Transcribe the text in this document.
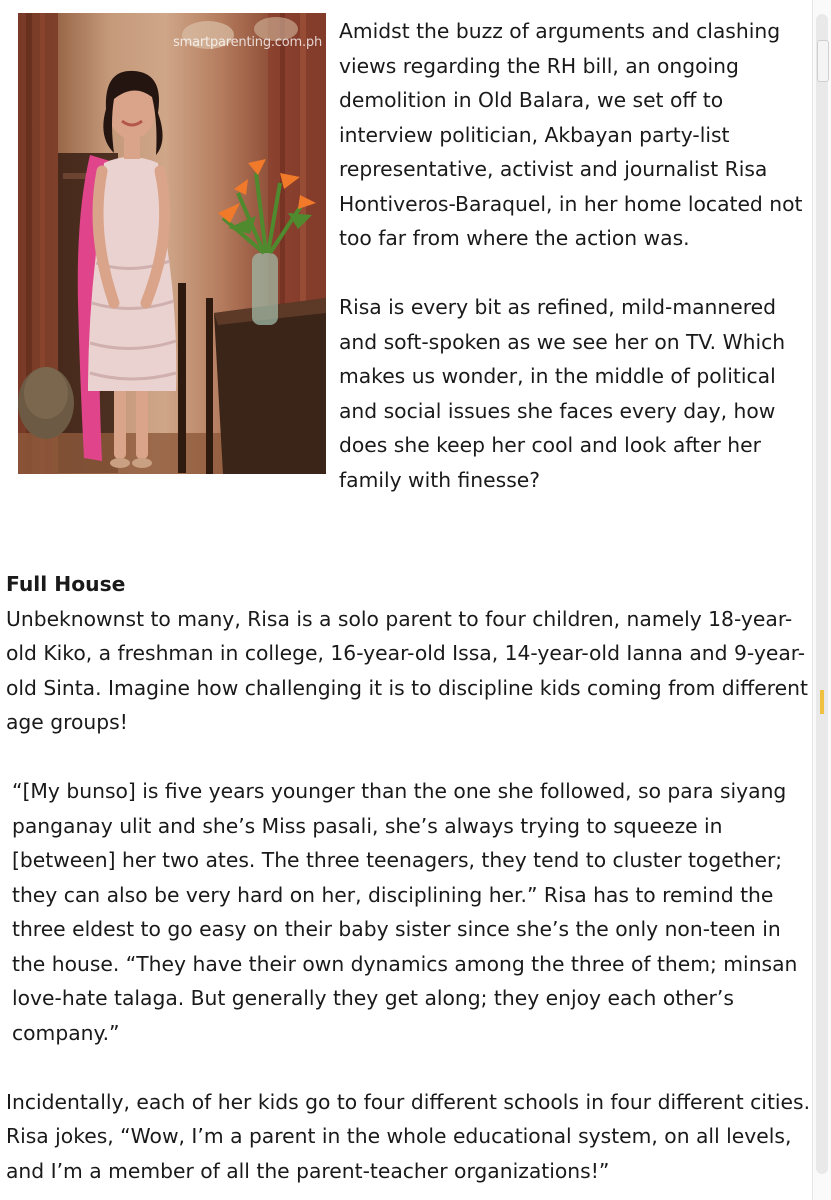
smartparenting.com.ph Amidst the buzz of arguments and clashing views regarding the RH bill, an ongoing demolition in Old Balara, we set off to interview politician, Akbayan party-list representative, activist and journalist Risa Hontiveros-Baraquel, in her home located not too far from where the action was.

Risa is every bit as refined, mild-mannered and soft-spoken as we see her on TV. Which makes us wonder, in the middle of political and social issues she faces every day, how does she keep her cool and look after her family with finesse?

Full House

Unbeknownst to many, Risa is a solo parent to four children, namely 18-year-old Kiko, a freshman in college, 16-year-old Issa, 14-year-old Ianna and 9-year-old Sinta. Imagine how challenging it is to discipline kids coming from different age groups!

“[My bunso] is five years younger than the one she followed, so para siyang panganay ulit and she’s Miss pasali, she’s always trying to squeeze in [between] her two ates. The three teenagers, they tend to cluster together; they can also be very hard on her, disciplining her.” Risa has to remind the three eldest to go easy on their baby sister since she’s the only non-teen in the house. “They have their own dynamics among the three of them; minsan love-hate talaga. But generally they get along; they enjoy each other’s company.”

Incidentally, each of her kids go to four different schools in four different cities. Risa jokes, “Wow, I’m a parent in the whole educational system, on all levels, and I’m a member of all the parent-teacher organizations!”
